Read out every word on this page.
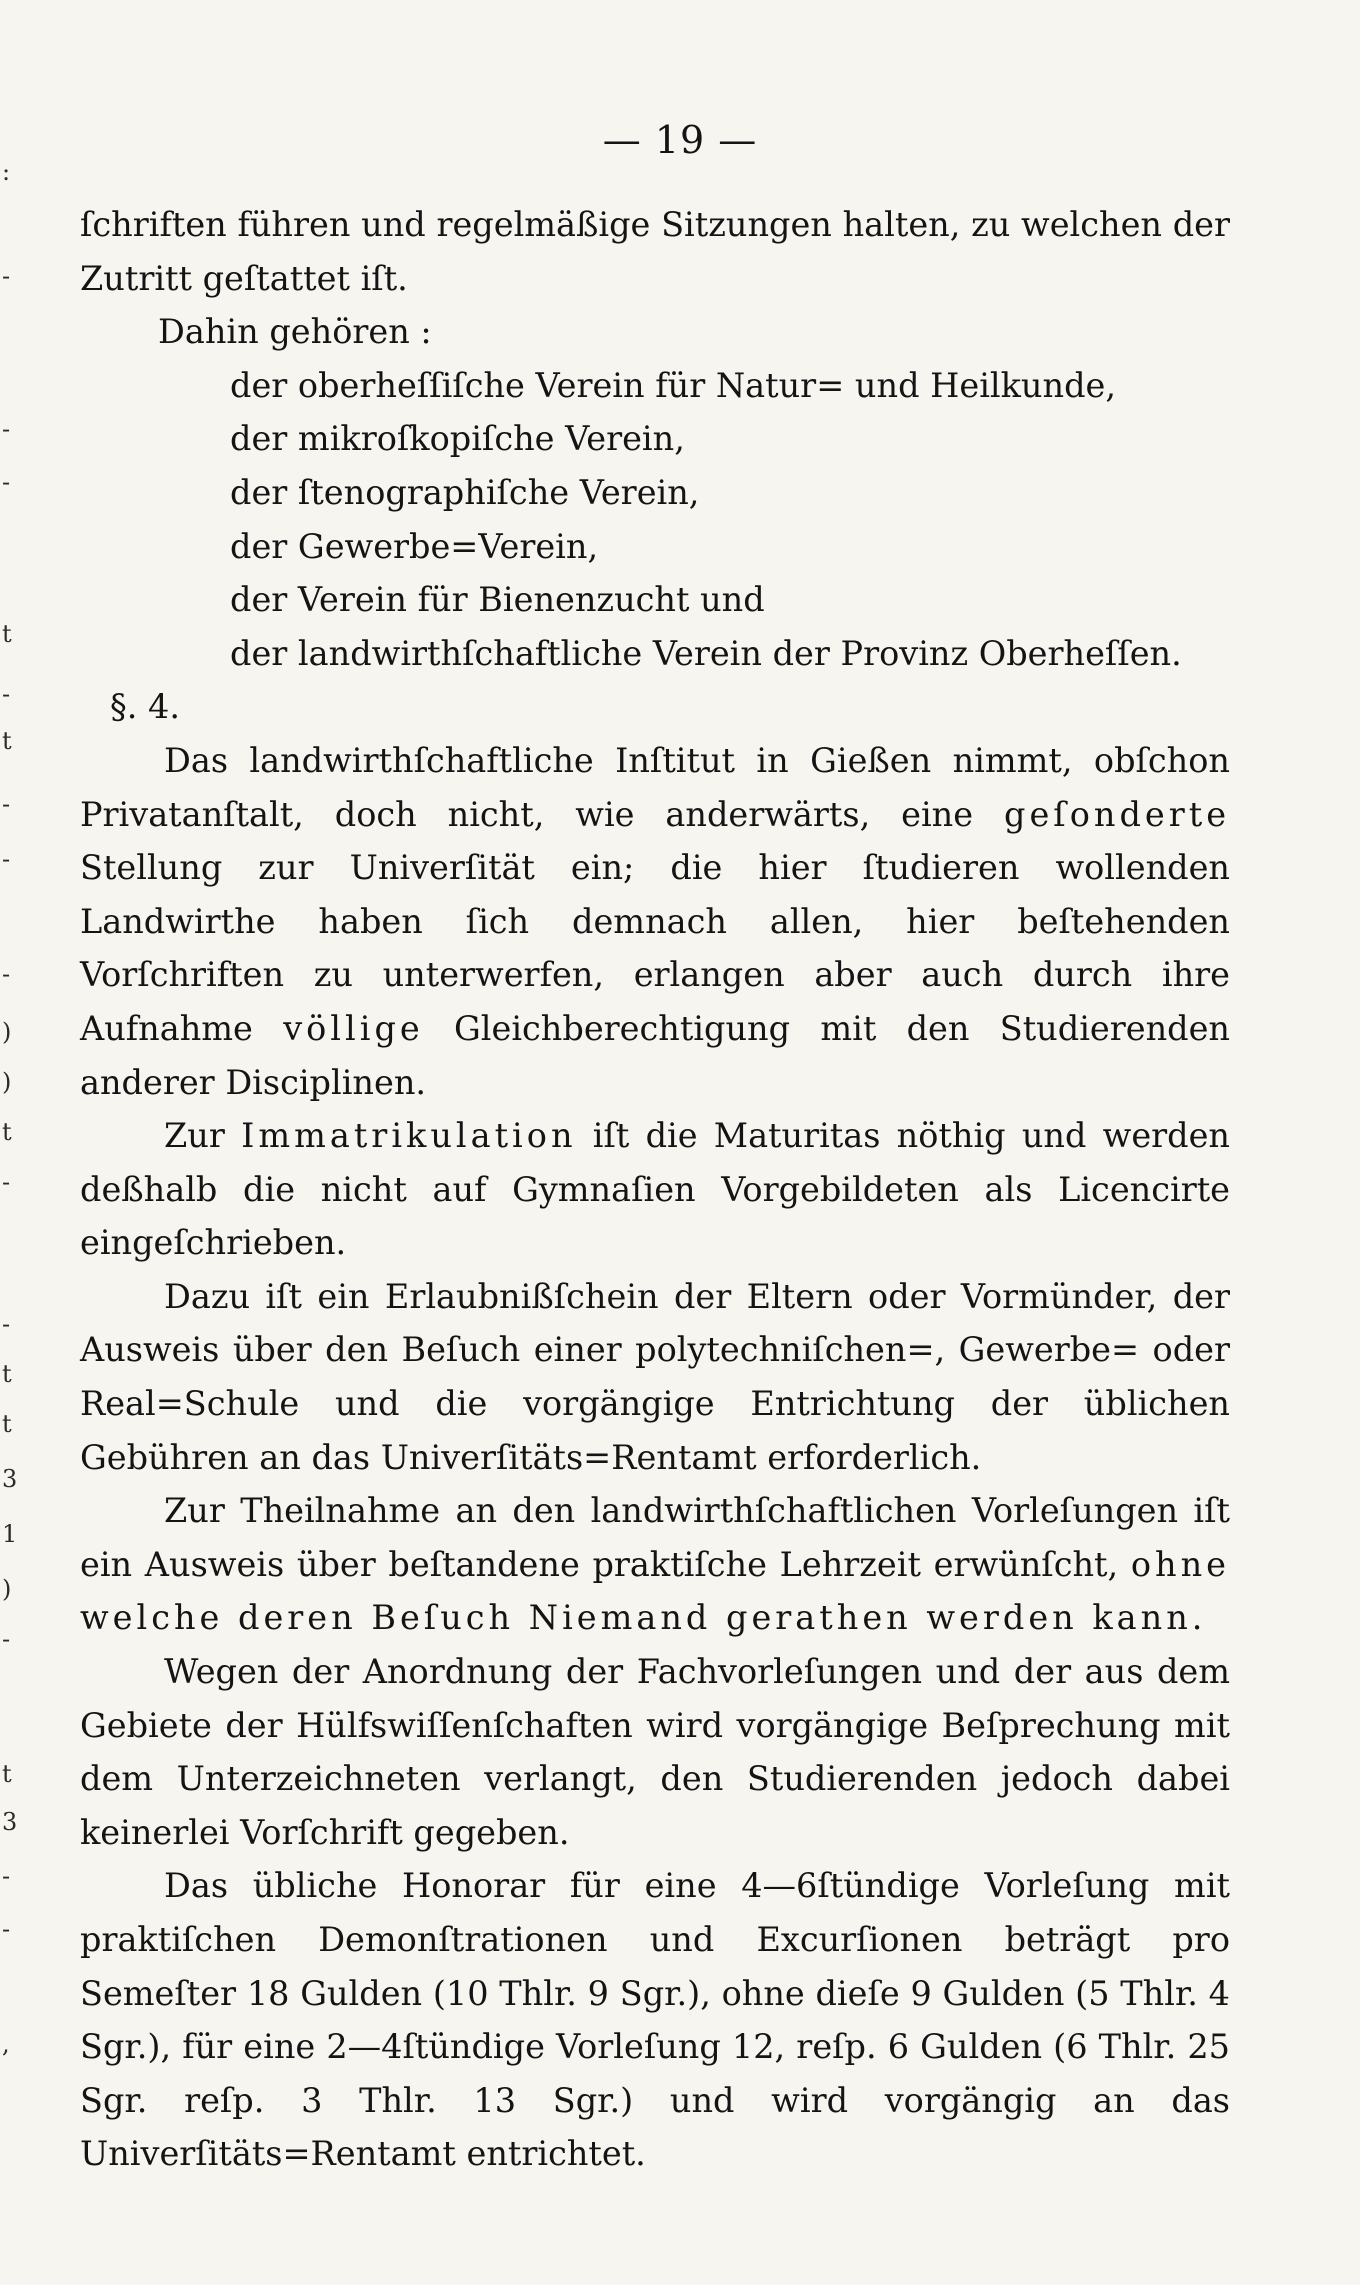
:
-
-
-
t
-
t
-
-
-
)
)
t
-
-
t
t
3
1
)
-
t
3
-
-
,
— 19 —

ſchriften führen und regelmäßige Sitzungen halten, zu welchen der Zutritt geſtattet iſt.

Dahin gehören :

der oberheſſiſche Verein für Natur= und Heilkunde,
der mikroſkopiſche Verein,
der ſtenographiſche Verein,
der Gewerbe=Verein,
der Verein für Bienenzucht und
der landwirthſchaftliche Verein der Provinz Oberheſſen.

§. 4.

Das landwirthſchaftliche Inſtitut in Gießen nimmt, obſchon Privatanſtalt, doch nicht, wie anderwärts, eine geſonderte Stellung zur Univerſität ein; die hier ſtudieren wollenden Landwirthe haben ſich demnach allen, hier beſtehenden Vorſchriften zu unterwerfen, erlangen aber auch durch ihre Aufnahme völlige Gleichberechtigung mit den Studierenden anderer Disciplinen.

Zur Immatrikulation iſt die Maturitas nöthig und werden deßhalb die nicht auf Gymnaſien Vorgebildeten als Licencirte eingeſchrieben.

Dazu iſt ein Erlaubnißſchein der Eltern oder Vormünder, der Ausweis über den Beſuch einer polytechniſchen=, Gewerbe= oder Real=Schule und die vorgängige Entrichtung der üblichen Gebühren an das Univerſitäts=Rentamt erforderlich.

Zur Theilnahme an den landwirthſchaftlichen Vorleſungen iſt ein Ausweis über beſtandene praktiſche Lehrzeit erwünſcht, ohne welche deren Beſuch Niemand gerathen werden kann.

Wegen der Anordnung der Fachvorleſungen und der aus dem Gebiete der Hülfswiſſenſchaften wird vorgängige Beſprechung mit dem Unterzeichneten verlangt, den Studierenden jedoch dabei keinerlei Vorſchrift gegeben.

Das übliche Honorar für eine 4—6ſtündige Vorleſung mit praktiſchen Demonſtrationen und Excurſionen beträgt pro Semeſter 18 Gulden (10 Thlr. 9 Sgr.), ohne dieſe 9 Gulden (5 Thlr. 4 Sgr.), für eine 2—4ſtündige Vorleſung 12, reſp. 6 Gulden (6 Thlr. 25 Sgr. reſp. 3 Thlr. 13 Sgr.) und wird vorgängig an das Univerſitäts=Rentamt entrichtet.
